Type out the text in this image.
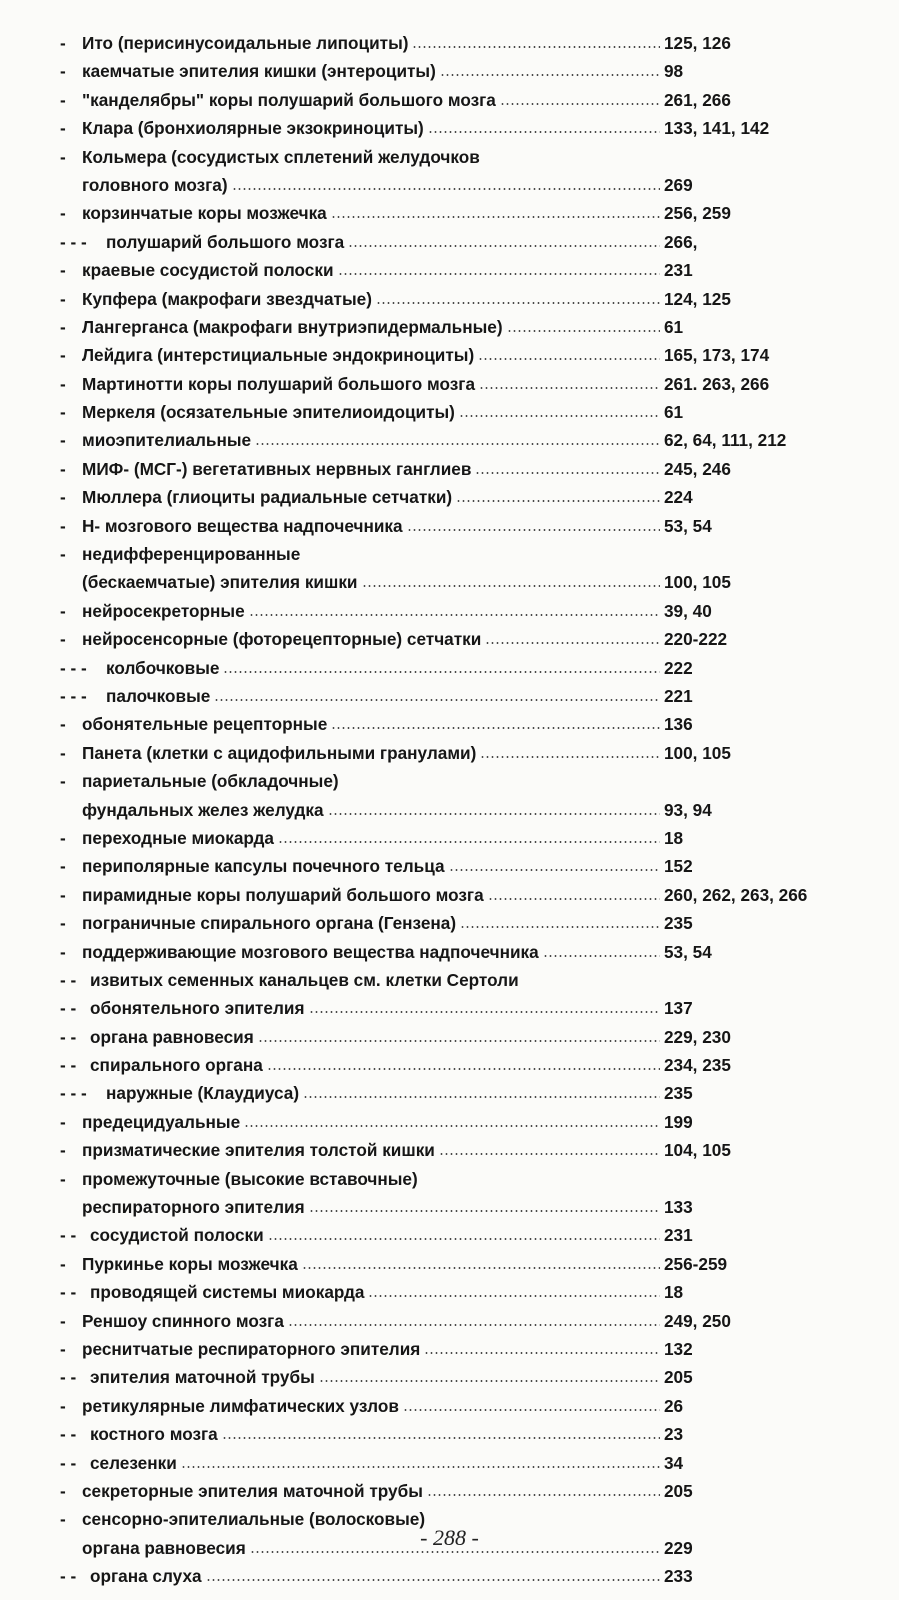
- Ито (перисинусоидальные липоциты)	125, 126
- каемчатые эпителия кишки (энтероциты)	98
- "канделябры" коры полушарий большого мозга	261, 266
- Клара (бронхиолярные экзокриноциты)	133, 141, 142
- Кольмера (сосудистых сплетений желудочков
головного мозга)	269
- корзинчатые коры мозжечка	256, 259
- - - полушарий большого мозга	266,
- краевые сосудистой полоски	231
- Купфера (макрофаги звездчатые)	124, 125
- Лангерганса (макрофаги внутриэпидермальные)	61
- Лейдига (интерстициальные эндокриноциты)	165, 173, 174
- Мартинотти коры полушарий большого мозга	261. 263, 266
- Меркеля (осязательные эпителиоидоциты)	61
- миоэпителиальные	62, 64, 111, 212
- МИФ- (МСГ-) вегетативных нервных ганглиев	245, 246
- Мюллера (глиоциты радиальные сетчатки)	224
- Н- мозгового вещества надпочечника	53, 54
- недифференцированные
(бескаемчатые) эпителия кишки	100, 105
- нейросекреторные	39, 40
- нейросенсорные (фоторецепторные) сетчатки	220-222
- - - колбочковые	222
- - - палочковые	221
- обонятельные рецепторные	136
- Панета (клетки с ацидофильными гранулами)	100, 105
- париетальные (обкладочные)
фундальных желез желудка	93, 94
- переходные миокарда	18
- периполярные капсулы почечного тельца	152
- пирамидные коры полушарий большого мозга	260, 262, 263, 266
- пограничные спирального органа (Гензена)	235
- поддерживающие мозгового вещества надпочечника	53, 54
- - извитых семенных канальцев см. клетки Сертоли
- - обонятельного эпителия	137
- - органа равновесия	229, 230
- - спирального органа	234, 235
- - - наружные (Клаудиуса)	235
- предецидуальные	199
- призматические эпителия толстой кишки	104, 105
- промежуточные (высокие вставочные)
респираторного эпителия	133
- - сосудистой полоски	231
- Пуркинье коры мозжечка	256-259
- - проводящей системы миокарда	18
- Реншоу спинного мозга	249, 250
- реснитчатые респираторного эпителия	132
- - эпителия маточной трубы	205
- ретикулярные лимфатических узлов	26
- - костного мозга	23
- - селезенки	34
- секреторные эпителия маточной трубы	205
- сенсорно-эпителиальные (волосковые)
органа равновесия	229
- - органа слуха	233
- 288 -
